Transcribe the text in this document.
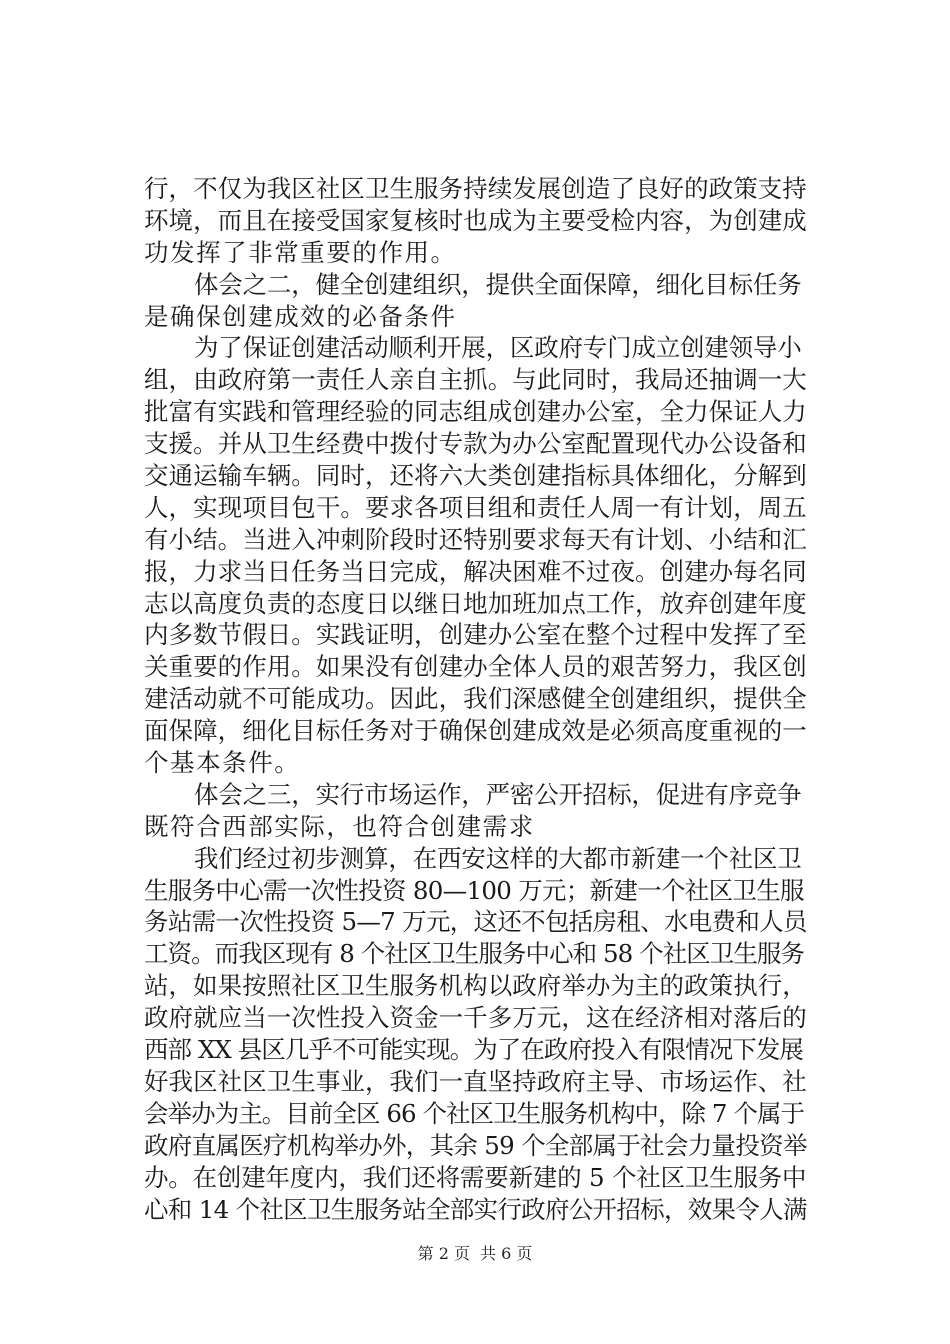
行，不仅为我区社区卫生服务持续发展创造了良好的政策支持
环境，而且在接受国家复核时也成为主要受检内容，为创建成
功发挥了非常重要的作用。
体会之二，健全创建组织，提供全面保障，细化目标任务
是确保创建成效的必备条件
为了保证创建活动顺利开展，区政府专门成立创建领导小
组，由政府第一责任人亲自主抓。与此同时，我局还抽调一大
批富有实践和管理经验的同志组成创建办公室，全力保证人力
支援。并从卫生经费中拨付专款为办公室配置现代办公设备和
交通运输车辆。同时，还将六大类创建指标具体细化，分解到
人，实现项目包干。要求各项目组和责任人周一有计划，周五
有小结。当进入冲刺阶段时还特别要求每天有计划、小结和汇
报，力求当日任务当日完成，解决困难不过夜。创建办每名同
志以高度负责的态度日以继日地加班加点工作，放弃创建年度
内多数节假日。实践证明，创建办公室在整个过程中发挥了至
关重要的作用。如果没有创建办全体人员的艰苦努力，我区创
建活动就不可能成功。因此，我们深感健全创建组织，提供全
面保障，细化目标任务对于确保创建成效是必须高度重视的一
个基本条件。
体会之三，实行市场运作，严密公开招标，促进有序竞争
既符合西部实际，也符合创建需求
我们经过初步测算，在西安这样的大都市新建一个社区卫
生服务中心需一次性投资 80—100 万元；新建一个社区卫生服
务站需一次性投资 5—7 万元，这还不包括房租、水电费和人员
工资。而我区现有 8 个社区卫生服务中心和 58 个社区卫生服务
站，如果按照社区卫生服务机构以政府举办为主的政策执行，
政府就应当一次性投入资金一千多万元，这在经济相对落后的
西部 XX 县区几乎不可能实现。为了在政府投入有限情况下发展
好我区社区卫生事业，我们一直坚持政府主导、市场运作、社
会举办为主。目前全区 66 个社区卫生服务机构中，除 7 个属于
政府直属医疗机构举办外，其余 59 个全部属于社会力量投资举
办。在创建年度内，我们还将需要新建的 5 个社区卫生服务中
心和 14 个社区卫生服务站全部实行政府公开招标，效果令人满
第 2 页 共 6 页
